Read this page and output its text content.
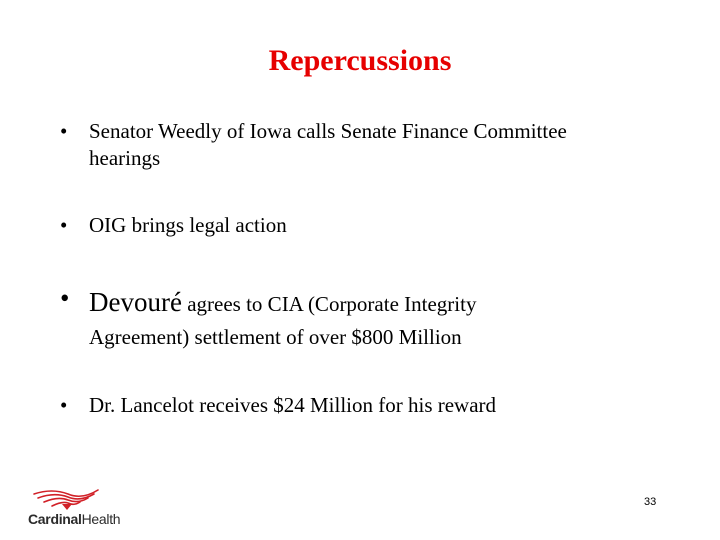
Repercussions
• Senator Weedly of Iowa calls Senate Finance Committee
hearings
• OIG brings legal action
• Devouré agrees to CIA (Corporate Integrity
Agreement) settlement of over $800 Million
• Dr. Lancelot receives $24 Million for his reward
33
CardinalHealth
